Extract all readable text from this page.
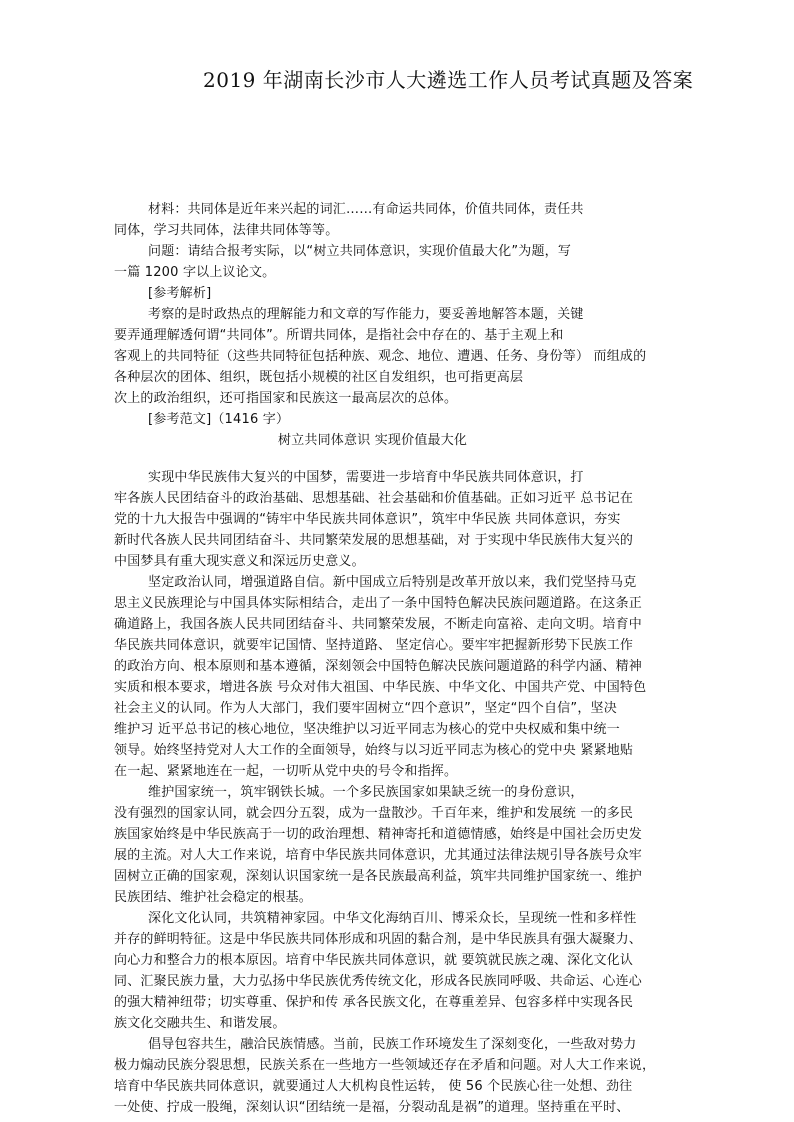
2019 年湖南长沙市人大遴选工作人员考试真题及答案
材料：共同体是近年来兴起的词汇……有命运共同体，价值共同体，责任共
同体，学习共同体，法律共同体等等。
问题：请结合报考实际，以“树立共同体意识，实现价值最大化”为题，写
一篇 1200 字以上议论文。
[参考解析]
考察的是时政热点的理解能力和文章的写作能力，要妥善地解答本题，关键
要弄通理解透何谓“共同体”。所谓共同体，是指社会中存在的、基于主观上和
客观上的共同特征（这些共同特征包括种族、观念、地位、遭遇、任务、身份等） 而组成的
各种层次的团体、组织，既包括小规模的社区自发组织，也可指更高层
次上的政治组织，还可指国家和民族这一最高层次的总体。
[参考范文]（1416 字）
树立共同体意识 实现价值最大化
实现中华民族伟大复兴的中国梦，需要进一步培育中华民族共同体意识，打
牢各族人民团结奋斗的政治基础、思想基础、社会基础和价值基础。正如习近平 总书记在
党的十九大报告中强调的“铸牢中华民族共同体意识”，筑牢中华民族 共同体意识，夯实
新时代各族人民共同团结奋斗、共同繁荣发展的思想基础，对 于实现中华民族伟大复兴的
中国梦具有重大现实意义和深远历史意义。
坚定政治认同，增强道路自信。新中国成立后特别是改革开放以来，我们党坚持马克
思主义民族理论与中国具体实际相结合，走出了一条中国特色解决民族问题道路。在这条正
确道路上，我国各族人民共同团结奋斗、共同繁荣发展，不断走向富裕、走向文明。培育中
华民族共同体意识，就要牢记国情、坚持道路、 坚定信心。要牢牢把握新形势下民族工作
的政治方向、根本原则和基本遵循，深刻领会中国特色解决民族问题道路的科学内涵、精神
实质和根本要求，增进各族 号众对伟大祖国、中华民族、中华文化、中国共产党、中国特色
社会主义的认同。作为人大部门，我们要牢固树立“四个意识”，坚定“四个自信”，坚决
维护习 近平总书记的核心地位，坚决维护以习近平同志为核心的党中央权威和集中统一
领导。始终坚持党对人大工作的全面领导，始终与以习近平同志为核心的党中央 紧紧地贴
在一起、紧紧地连在一起，一切听从党中央的号令和指挥。
维护国家统一，筑牢钢铁长城。一个多民族国家如果缺乏统一的身份意识，
没有强烈的国家认同，就会四分五裂，成为一盘散沙。千百年来，维护和发展统 一的多民
族国家始终是中华民族高于一切的政治理想、精神寄托和道德情感，始终是中国社会历史发
展的主流。对人大工作来说，培育中华民族共同体意识，尤其通过法律法规引导各族号众牢
固树立正确的国家观，深刻认识国家统一是各民族最高利益，筑牢共同维护国家统一、维护
民族团结、维护社会稳定的根基。
深化文化认同，共筑精神家园。中华文化海纳百川、博采众长，呈现统一性和多样性
并存的鲜明特征。这是中华民族共同体形成和巩固的黏合剂，是中华民族具有强大凝聚力、
向心力和整合力的根本原因。培育中华民族共同体意识，就 要筑就民族之魂、深化文化认
同、汇聚民族力量，大力弘扬中华民族优秀传统文化，形成各民族同呼吸、共命运、心连心
的强大精神纽带；切实尊重、保护和传 承各民族文化，在尊重差异、包容多样中实现各民
族文化交融共生、和谐发展。
倡导包容共生，融洽民族情感。当前，民族工作环境发生了深刻变化，一些敌对势力
极力煽动民族分裂思想，民族关系在一些地方一些领域还存在矛盾和问题。对人大工作来说，
培育中华民族共同体意识，就要通过人大机构良性运转， 使 56 个民族心往一处想、劲往
一处使、拧成一股绳，深刻认识“团结统一是福，分裂动乱是祸”的道理。坚持重在平时、
